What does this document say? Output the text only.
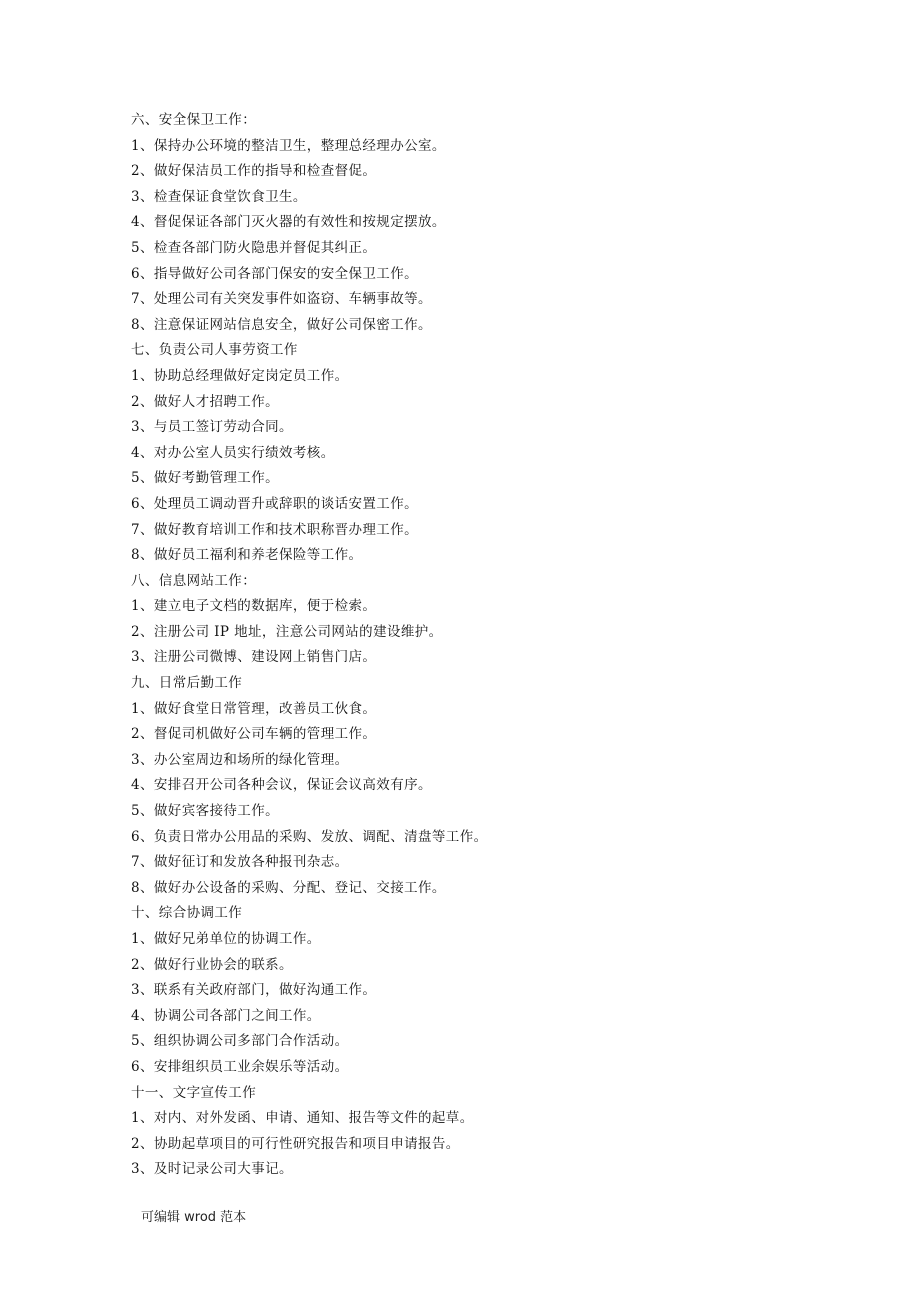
六、安全保卫工作：
1、保持办公环境的整洁卫生，整理总经理办公室。
2、做好保洁员工作的指导和检查督促。
3、检查保证食堂饮食卫生。
4、督促保证各部门灭火器的有效性和按规定摆放。
5、检查各部门防火隐患并督促其纠正。
6、指导做好公司各部门保安的安全保卫工作。
7、处理公司有关突发事件如盗窃、车辆事故等。
8、注意保证网站信息安全，做好公司保密工作。
七、负责公司人事劳资工作
1、协助总经理做好定岗定员工作。
2、做好人才招聘工作。
3、与员工签订劳动合同。
4、对办公室人员实行绩效考核。
5、做好考勤管理工作。
6、处理员工调动晋升或辞职的谈话安置工作。
7、做好教育培训工作和技术职称晋办理工作。
8、做好员工福利和养老保险等工作。
八、信息网站工作：
1、建立电子文档的数据库，便于检索。
2、注册公司 IP 地址，注意公司网站的建设维护。
3、注册公司微博、建设网上销售门店。
九、日常后勤工作
1、做好食堂日常管理，改善员工伙食。
2、督促司机做好公司车辆的管理工作。
3、办公室周边和场所的绿化管理。
4、安排召开公司各种会议，保证会议高效有序。
5、做好宾客接待工作。
6、负责日常办公用品的采购、发放、调配、清盘等工作。
7、做好征订和发放各种报刊杂志。
8、做好办公设备的采购、分配、登记、交接工作。
十、综合协调工作
1、做好兄弟单位的协调工作。
2、做好行业协会的联系。
3、联系有关政府部门，做好沟通工作。
4、协调公司各部门之间工作。
5、组织协调公司多部门合作活动。
6、安排组织员工业余娱乐等活动。
十一、文字宣传工作
1、对内、对外发函、申请、通知、报告等文件的起草。
2、协助起草项目的可行性研究报告和项目申请报告。
3、及时记录公司大事记。
可编辑 wrod 范本
